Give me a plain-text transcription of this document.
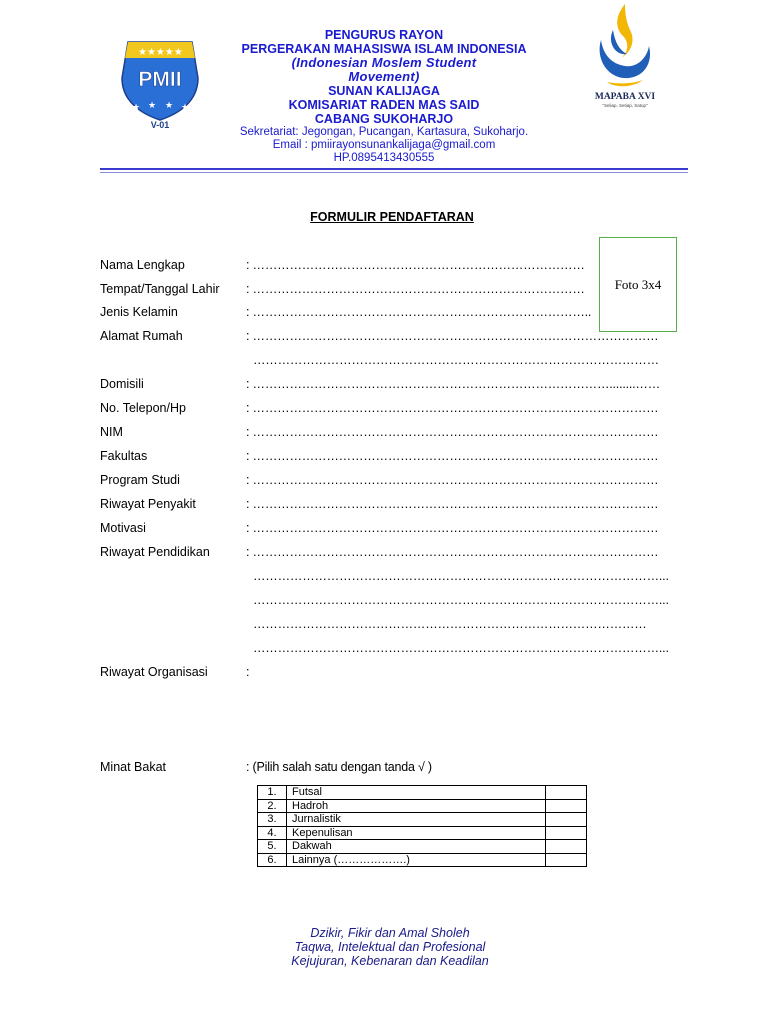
★★★★★
★
★ ★ ★
PMII
V-01
MAPABA XVI
"Seliap, Setiap, Satup"
PENGURUS RAYON
PERGERAKAN MAHASISWA ISLAM INDONESIA
(Indonesian Moslem Student
Movement)
SUNAN KALIJAGA
KOMISARIAT RADEN MAS SAID
CABANG SUKOHARJO
Sekretariat: Jegongan, Pucangan, Kartasura, Sukoharjo.
Email : pmiirayonsunankalijaga@gmail.com
HP.0895413430555
FORMULIR PENDAFTARAN
Foto 3x4
Nama Lengkap	: ………………………………………………………………………
Tempat/Tanggal Lahir : ………………………………………………………………………
Jenis Kelamin	: ………………………………………………………………………..
Alamat Rumah	: ………………………………………………………………………………………
………………………………………………………………………………………
Domisili	: ……………………………………………………………………………........……
No. Telepon/Hp	: ………………………………………………………………………………………
NIM	: ………………………………………………………………………………………
Fakultas	: ………………………………………………………………………………………
Program Studi	: ………………………………………………………………………………………
Riwayat Penyakit	: ………………………………………………………………………………………
Motivasi	: ………………………………………………………………………………………
Riwayat Pendidikan	: ………………………………………………………………………………………
………………………………………………………………………………………...
………………………………………………………………………………………...
……………………………………………………………………………………
………………………………………………………………………………………...
Riwayat Organisasi	:
Minat Bakat	: (Pilih salah satu dengan tanda √ )
1.	Futsal	
2.	Hadroh	
3.	Jurnalistik	
4.	Kepenulisan	
5.	Dakwah	
6.	Lainnya (……………….)	
Dzikir, Fikir dan Amal Sholeh
Taqwa, Intelektual dan Profesional
Kejujuran, Kebenaran dan Keadilan
